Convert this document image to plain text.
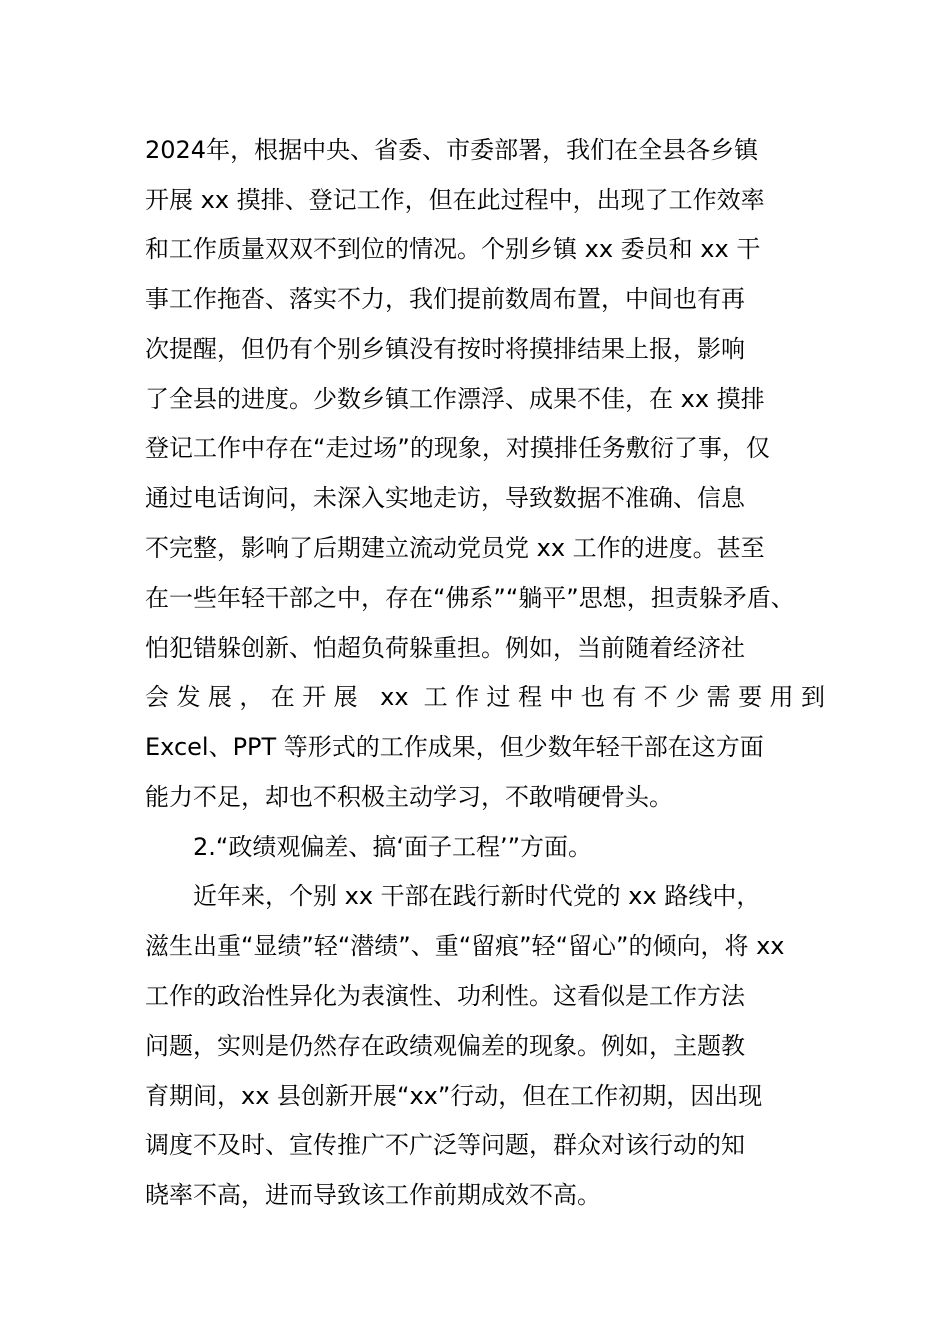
2024年，根据中央、省委、市委部署，我们在全县各乡镇
开展 xx 摸排、登记工作，但在此过程中，出现了工作效率
和工作质量双双不到位的情况。个别乡镇 xx 委员和 xx 干
事工作拖沓、落实不力，我们提前数周布置，中间也有再
次提醒，但仍有个别乡镇没有按时将摸排结果上报，影响
了全县的进度。少数乡镇工作漂浮、成果不佳，在 xx 摸排
登记工作中存在“走过场”的现象，对摸排任务敷衍了事，仅
通过电话询问，未深入实地走访，导致数据不准确、信息
不完整，影响了后期建立流动党员党 xx 工作的进度。甚至
在一些年轻干部之中，存在“佛系”“躺平”思想，担责躲矛盾、
怕犯错躲创新、怕超负荷躲重担。例如，当前随着经济社
会发展，在开展 xx 工作过程中也有不少需要用到
Excel、PPT 等形式的工作成果，但少数年轻干部在这方面
能力不足，却也不积极主动学习，不敢啃硬骨头。
2.“政绩观偏差、搞‘面子工程’”方面。
近年来，个别 xx 干部在践行新时代党的 xx 路线中，
滋生出重“显绩”轻“潜绩”、重“留痕”轻“留心”的倾向，将 xx
工作的政治性异化为表演性、功利性。这看似是工作方法
问题，实则是仍然存在政绩观偏差的现象。例如，主题教
育期间，xx 县创新开展“xx”行动，但在工作初期，因出现
调度不及时、宣传推广不广泛等问题，群众对该行动的知
晓率不高，进而导致该工作前期成效不高。
